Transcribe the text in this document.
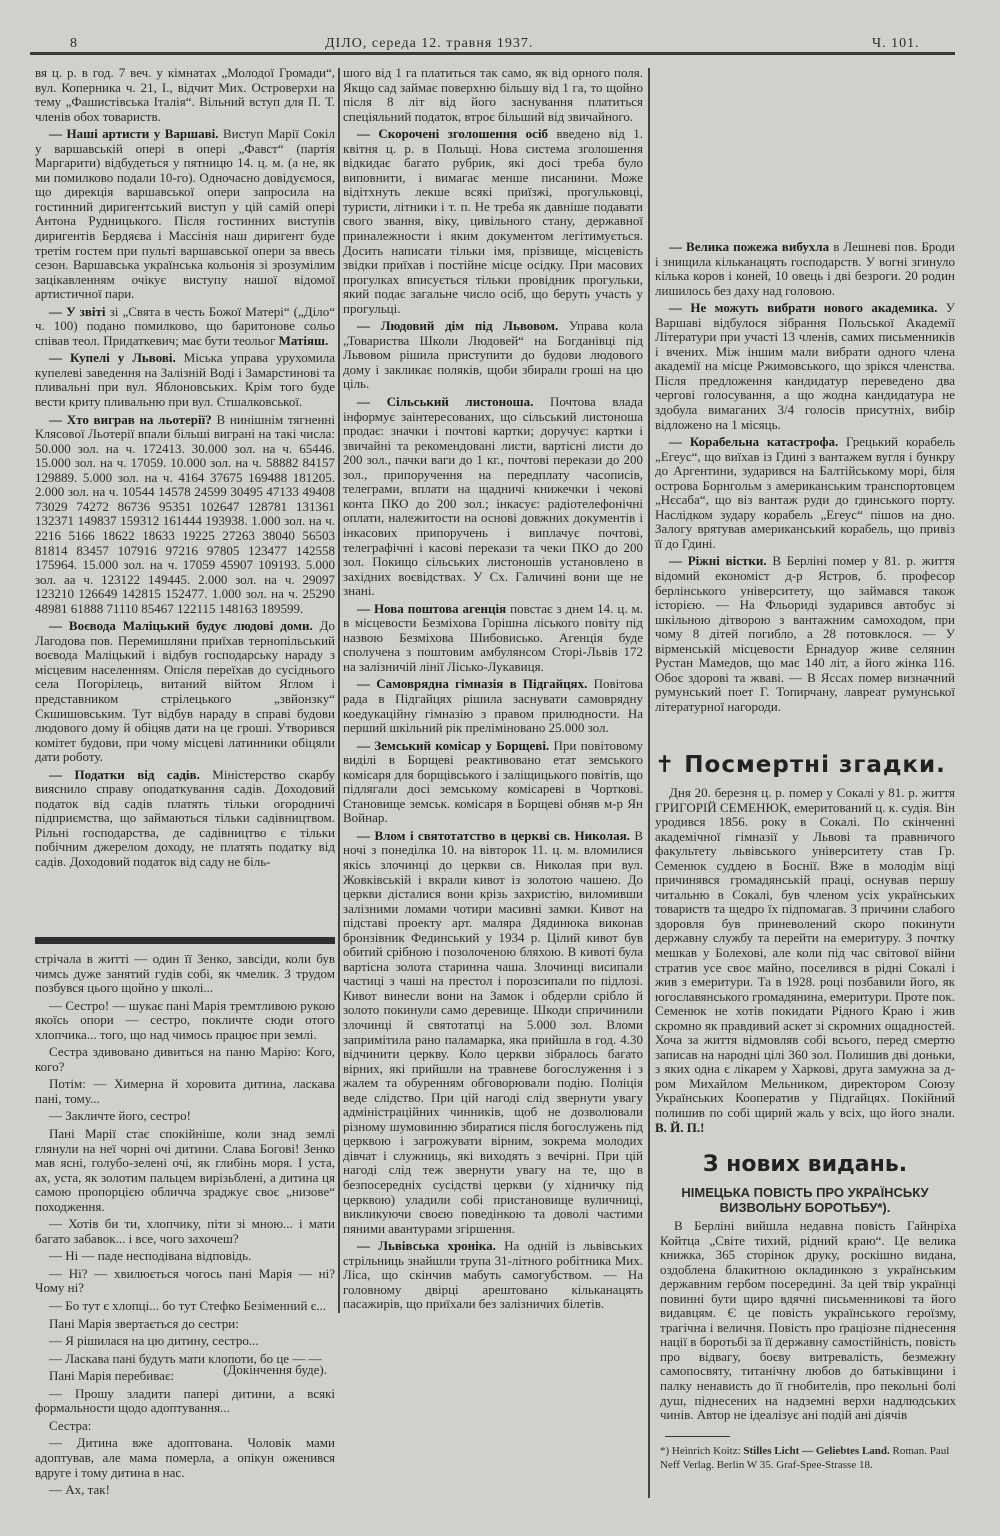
8	ДІЛО, середа 12. травня 1937.	Ч. 101.

вя ц. р. в год. 7 веч. у кімнатах „Молодої Громади“, вул. Коперника ч. 21, I., відчит Мих. Островерхи на тему „Фашистівська Італія“. Вільний вступ для П. Т. членів обох товариств.

— Наші артисти у Варшаві. Виступ Марії Сокіл у варшавській опері в опері „Фавст“ (партія Маргарити) відбудеться у пятницю 14. ц. м. (а не, як ми помилково подали 10-го). Одночасно довідуємося, що дирекція варшавської опери запросила на гостинний диригентський виступ у цій самій опері Антона Рудницького. Після гостинних виступів диригентів Бердяєва і Массінія наш диригент буде третім гостем при пульті варшавської опери за ввесь сезон. Варшавська українська кольонія зі зрозумілим зацікавленням очікує виступу нашої відомої артистичної пари.

— У звіті зі „Свята в честь Божої Матері“ („Діло“ ч. 100) подано помилково, що баритонове сольо співав теол. Придаткевич; має бути теольог Матіяш.

— Купелі у Львові. Міська управа урухомила купелеві заведення на Залізній Воді і Замарстинові та пливальні при вул. Яблоновських. Крім того буде вести криту пливальню при вул. Стшалковської.

— Хто виграв на льотерії? В нинішнім тягненні Клясової Льотерії впали більші виграні на такі числа: 50.000 зол. на ч. 172413. 30.000 зол. на ч. 65446. 15.000 зол. на ч. 17059. 10.000 зол. на ч. 58882 84157 129889. 5.000 зол. на ч. 4164 37675 169488 181205. 2.000 зол. на ч. 10544 14578 24599 30495 47133 49408 73029 74272 86736 95351 102647 128781 131361 132371 149837 159312 161444 193938. 1.000 зол. на ч. 2216 5166 18622 18633 19225 27263 38040 56503 81814 83457 107916 97216 97805 123477 142558 175964. 15.000 зол. на ч. 17059 45907 109193. 5.000 зол. аа ч. 123122 149445. 2.000 зол. на ч. 29097 123210 126649 142815 152477. 1.000 зол. на ч. 25290 48981 61888 71110 85467 122115 148163 189599.

— Воєвода Маліцький будує людові доми. До Лагодова пов. Перемишляни приїхав тернопільський воєвода Маліцький і відбув господарську нараду з місцевим населенням. Опісля переїхав до сусіднього села Погорілець, витаний війтом Яглом і представником стрілецького „звйонзку“ Скшишовським. Тут відбув нараду в справі будови людового дому й обіцяв дати на це гроші. Утворився комітет будови, при чому місцеві латинники обіцяли дати роботу.

— Податки від садів. Міністерство скарбу вияснило справу оподаткування садів. Доходовий податок від садів платять тільки огородничі підприємства, що займаються тільки садівництвом. Рільні господарства, де садівництво є тільки побічним джерелом доходу, не платять податку від садів. Доходовий податок від саду не біль-

стрічала в житті — один її Зенко, завсіди, коли був чимсь дуже занятий гудів собі, як чмелик. З трудом позбувся цього щойно у школі...

— Сестро! — шукає пані Марія тремтливою рукою якоїсь опори — сестро, покличте сюди отого хлопчика... того, що над чимось працює при землі.

Сестра здивовано дивиться на паню Марію: Кого, кого?

Потім: — Химерна й хоровита дитина, ласкава пані, тому...

— Закличте його, сестро!

Пані Марії стає спокійніше, коли знад землі глянули на неї чорні очі дитини. Слава Богові! Зенко мав ясні, голубо-зелені очі, як глибінь моря. І уста, ах, уста, як золотим пальцем вирізьблені, а дитина ця самою пропорцією обличча зраджує своє „низове“ походження.

— Хотів би ти, хлопчику, піти зі мною... і мати багато забавок... і все, чого захочеш?

— Ні — паде несподівана відповідь.

— Ні? — хвилюється чогось пані Марія — ні? Чому ні?

— Бо тут є хлопці... бо тут Стефко Безіменний є...

Пані Марія звертається до сестри:

— Я рішилася на цю дитину, сестро...

— Ласкава пані будуть мати клопоти, бо це — —

Пані Марія перебиває:

— Прошу зладити папері дитини, а всякі формальности щодо адоптування...

Сестра:

— Дитина вже адоптована. Чоловік мами адоптував, але мама померла, а опікун оженився вдруге і тому дитина в нас.

— Ах, так!

(Докінчення буде).

шого від 1 га платиться так само, як від орного поля. Якщо сад займає поверхню більшу від 1 га, то щойно після 8 літ від його заснування платиться спеціяльний податок, втроє більший від звичайного.

— Скорочені зголошення осіб введено від 1. квітня ц. р. в Польщі. Нова система зголошення відкидає багато рубрик, які досі треба було виповнити, і вимагає менше писанини. Може відітхнуть лекше всякі приїзжі, прогульковці, туристи, літники і т. п. Не треба як давніше подавати свого звання, віку, цивільного стану, державної приналежности і яким документом легітимується. Досить написати тільки імя, прізвище, місцевість звідки приїхав і постійне місце осідку. При масових прогулках вписується тільки провідник прогульки, який подає загальне число осіб, що беруть участь у прогульці.

— Людовий дім під Львовом. Управа кола „Товариства Школи Людовей“ на Богданівці під Львовом рішила приступити до будови людового дому і закликає поляків, щоби збирали гроші на цю ціль.

— Сільський листоноша. Почтова влада інформує заінтересованих, що сільський листоноша продає: значки і почтові картки; доручує: картки і звичайні та рекомендовані листи, вартісні листи до 200 зол., пачки ваги до 1 кг., почтові перекази до 200 зол., припоручення на передплату часописів, телеграми, вплати на щадничі книжечки і чекові конта ПКО до 200 зол.; інкасує: радіотелефонічні оплати, належитости на основі довжних документів і інкасових припоручень і виплачує почтові, телеграфічні і касові перекази та чеки ПКО до 200 зол. Покищо сільських листоношів установлено в західних воєвідствах. У Сх. Галичині вони ще не знані.

— Нова поштова агенція повстає з днем 14. ц. м. в місцевости Безміхова Горішна ліського повіту під назвою Безміхова Шибовисько. Агенція буде сполучена з поштовим амбулянсом Сторі-Львів 172 на залізничій лінії Лісько-Лукавиця.

— Самоврядна гімназія в Підгайцях. Повітова рада в Підгайцях рішила заснувати самоврядну коедукаційну гімназію з правом прилюдности. На перший шкільний рік преліміновано 25.000 зол.

— Земський комісар у Борщеві. При повітовому виділі в Борщеві реактивовано етат земського комісаря для борщівського і заліщицького повітів, що підлягали досі земському комісареві в Чорткові. Становище земськ. комісаря в Борщеві обняв м-р Ян Войнар.

— Влом і святотатство в церкві св. Николая. В ночі з понеділка 10. на вівторок 11. ц. м. вломилися якісь злочинці до церкви св. Николая при вул. Жовківській і вкрали кивот із золотою чашею. До церкви дісталися вони крізь захристію, виломивши залізними ломами чотири масивні замки. Кивот на підставі проекту арт. маляра Дядинюка виконав бронзівник Фединський у 1934 р. Цілий кивот був обитий срібною і позолоченою бляхою. В кивоті була вартісна золота старинна чаша. Злочинці висипали частиці з чаші на престол і порозсипали по підлозі. Кивот винесли вони на Замок і обдерли срібло й золото покинули само деревище. Шкоди спричинили злочинці й святотатці на 5.000 зол. Вломи запримітила рано паламарка, яка прийшла в год. 4.30 відчинити церкву. Коло церкви зібралось багато вірних, які прийшли на травневе богослуження і з жалем та обуренням обговорювали подію. Поліція веде слідство. При цій нагоді слід звернути увагу адміністраційних чинників, щоб не дозволювали різному шумовинню збиратися після богослужень під церквою і загрожувати вірним, зокрема молодих дівчат і служниць, які виходять з вечірні. При цій нагоді слід теж звернути увагу на те, що в безпосередніх сусідстві церкви (у хідничку під церквою) уладили собі пристановище вуличниці, викликуючи своєю поведінкою та доволі частими пяними авантурами згіршення.

— Львівська хроніка. На одній із львівських стрільниць знайшли трупа 31-літного робітника Мих. Ліса, що скінчив мабуть самогубством. — На головному двірці арештовано кільканацять пасажирів, що приїхали без залізничих білетів.

— Велика пожежа вибухла в Лешневі пов. Броди і знищила кільканацять господарств. У вогні згинуло кілька коров і коней, 10 овець і дві безроги. 20 родин лишилось без даху над головою.

— Не можуть вибрати нового академика. У Варшаві відбулося зібрання Польської Академії Літератури при участі 13 членів, самих письменників і вчених. Між іншим мали вибрати одного члена академії на місце Ржимовського, що зрікся членства. Після предложення кандидатур переведено два чергові голосування, а що жодна кандидатура не здобула вимаганих 3/4 голосів присутніх, вибір відложено на 1 місяць.

— Корабельна катастрофа. Грецький корабель „Егеус“, що виїхав із Гдині з вантажем вугля і бункру до Аргентини, зударився на Балтійському морі, біля острова Борнгольм з американським транспортовцем „Нєсаба“, що віз вантаж руди до гдинського порту. Наслідком зудару корабель „Егеус“ пішов на дно. Залогу врятував американський корабель, що привіз її до Гдині.

— Ріжні вістки. В Берліні помер у 81. р. життя відомий економіст д-р Ястров, б. професор берлінського університету, що займався також історією. — На Фльориді зударився автобус зі шкільною дітворою з вантажним самоходом, при чому 8 дітей погибло, а 28 потовклося. — У вірменській місцевости Ернадуор живе селянин Рустан Мамедов, що має 140 літ, а його жінка 116. Обоє здорові та жваві. — В Яссах помер визначний румунський поет Г. Топирчану, лавреат румунської літературної нагороди.

✝ Посмертні згадки.

Дня 20. березня ц. р. помер у Сокалі у 81. р. життя ГРИГОРІЙ СЕМЕНЮК, емеритований ц. к. судія. Він уродився 1856. року в Сокалі. По скінченні академічної гімназії у Львові та правничого факультету львівського університету став Гр. Семенюк суддею в Боснії. Вже в молодім віці причинявся громадянській праці, оснував першу читальню в Сокалі, був членом усіх українських товариств та щедро їх підпомагав. З причини слабого здоровля був приневолений скоро покинути державну службу та перейти на емеритуру. З почтку мешкав у Болехові, але коли під час світової війни стратив усе своє майно, поселився в рідні Сокалі і жив з емеритури. Та в 1928. році позбавили його, як югославянського громадянина, емеритури. Проте пок. Семенюк не хотів покидати Рідного Краю і жив скромно як правдивий аскет зі скромних ощадностей. Хоча за життя відмовляв собі всього, перед смертю записав на народні цілі 360 зол. Полишив дві доньки, з яких одна є лікарем у Харкові, друга замужна за д-ром Михайлом Мельником, директором Союзу Українських Кооператив у Підгайцях. Покійний полишив по собі щирий жаль у всіх, що його знали. В. Й. П.!

З нових видань.
НІМЕЦЬКА ПОВІСТЬ ПРО УКРАЇНСЬКУ ВИЗВОЛЬНУ БОРОТЬБУ*).

В Берліні вийшла недавна повість Гайнріха Койтца „Світе тихий, рідний краю“. Це велика книжка, 365 сторінок друку, роскішно видана, оздоблена блакитною окладинкою з українським державним гербом посередині. За цей твір українці повинні бути щиро вдячні письменникові та його видавцям. Є це повість українського героїзму, трагічна і величня. Повість про ґраціозне піднесення нації в боротьбі за її державну самостійність, повість про відвагу, боєву витревалість, безмежну самопосвяту, титанічну любов до батьківщини і палку ненависть до її гнобителів, про пекольні болі душ, піднесених на надземні верхи надлюдських чинів. Автор не ідеалізує ані подій ані діячів

*) Heinrich Koitz: Stilles Licht — Geliebtes Land. Roman. Paul Neff Verlag. Berlin W 35. Graf-Spee-Strasse 18.
